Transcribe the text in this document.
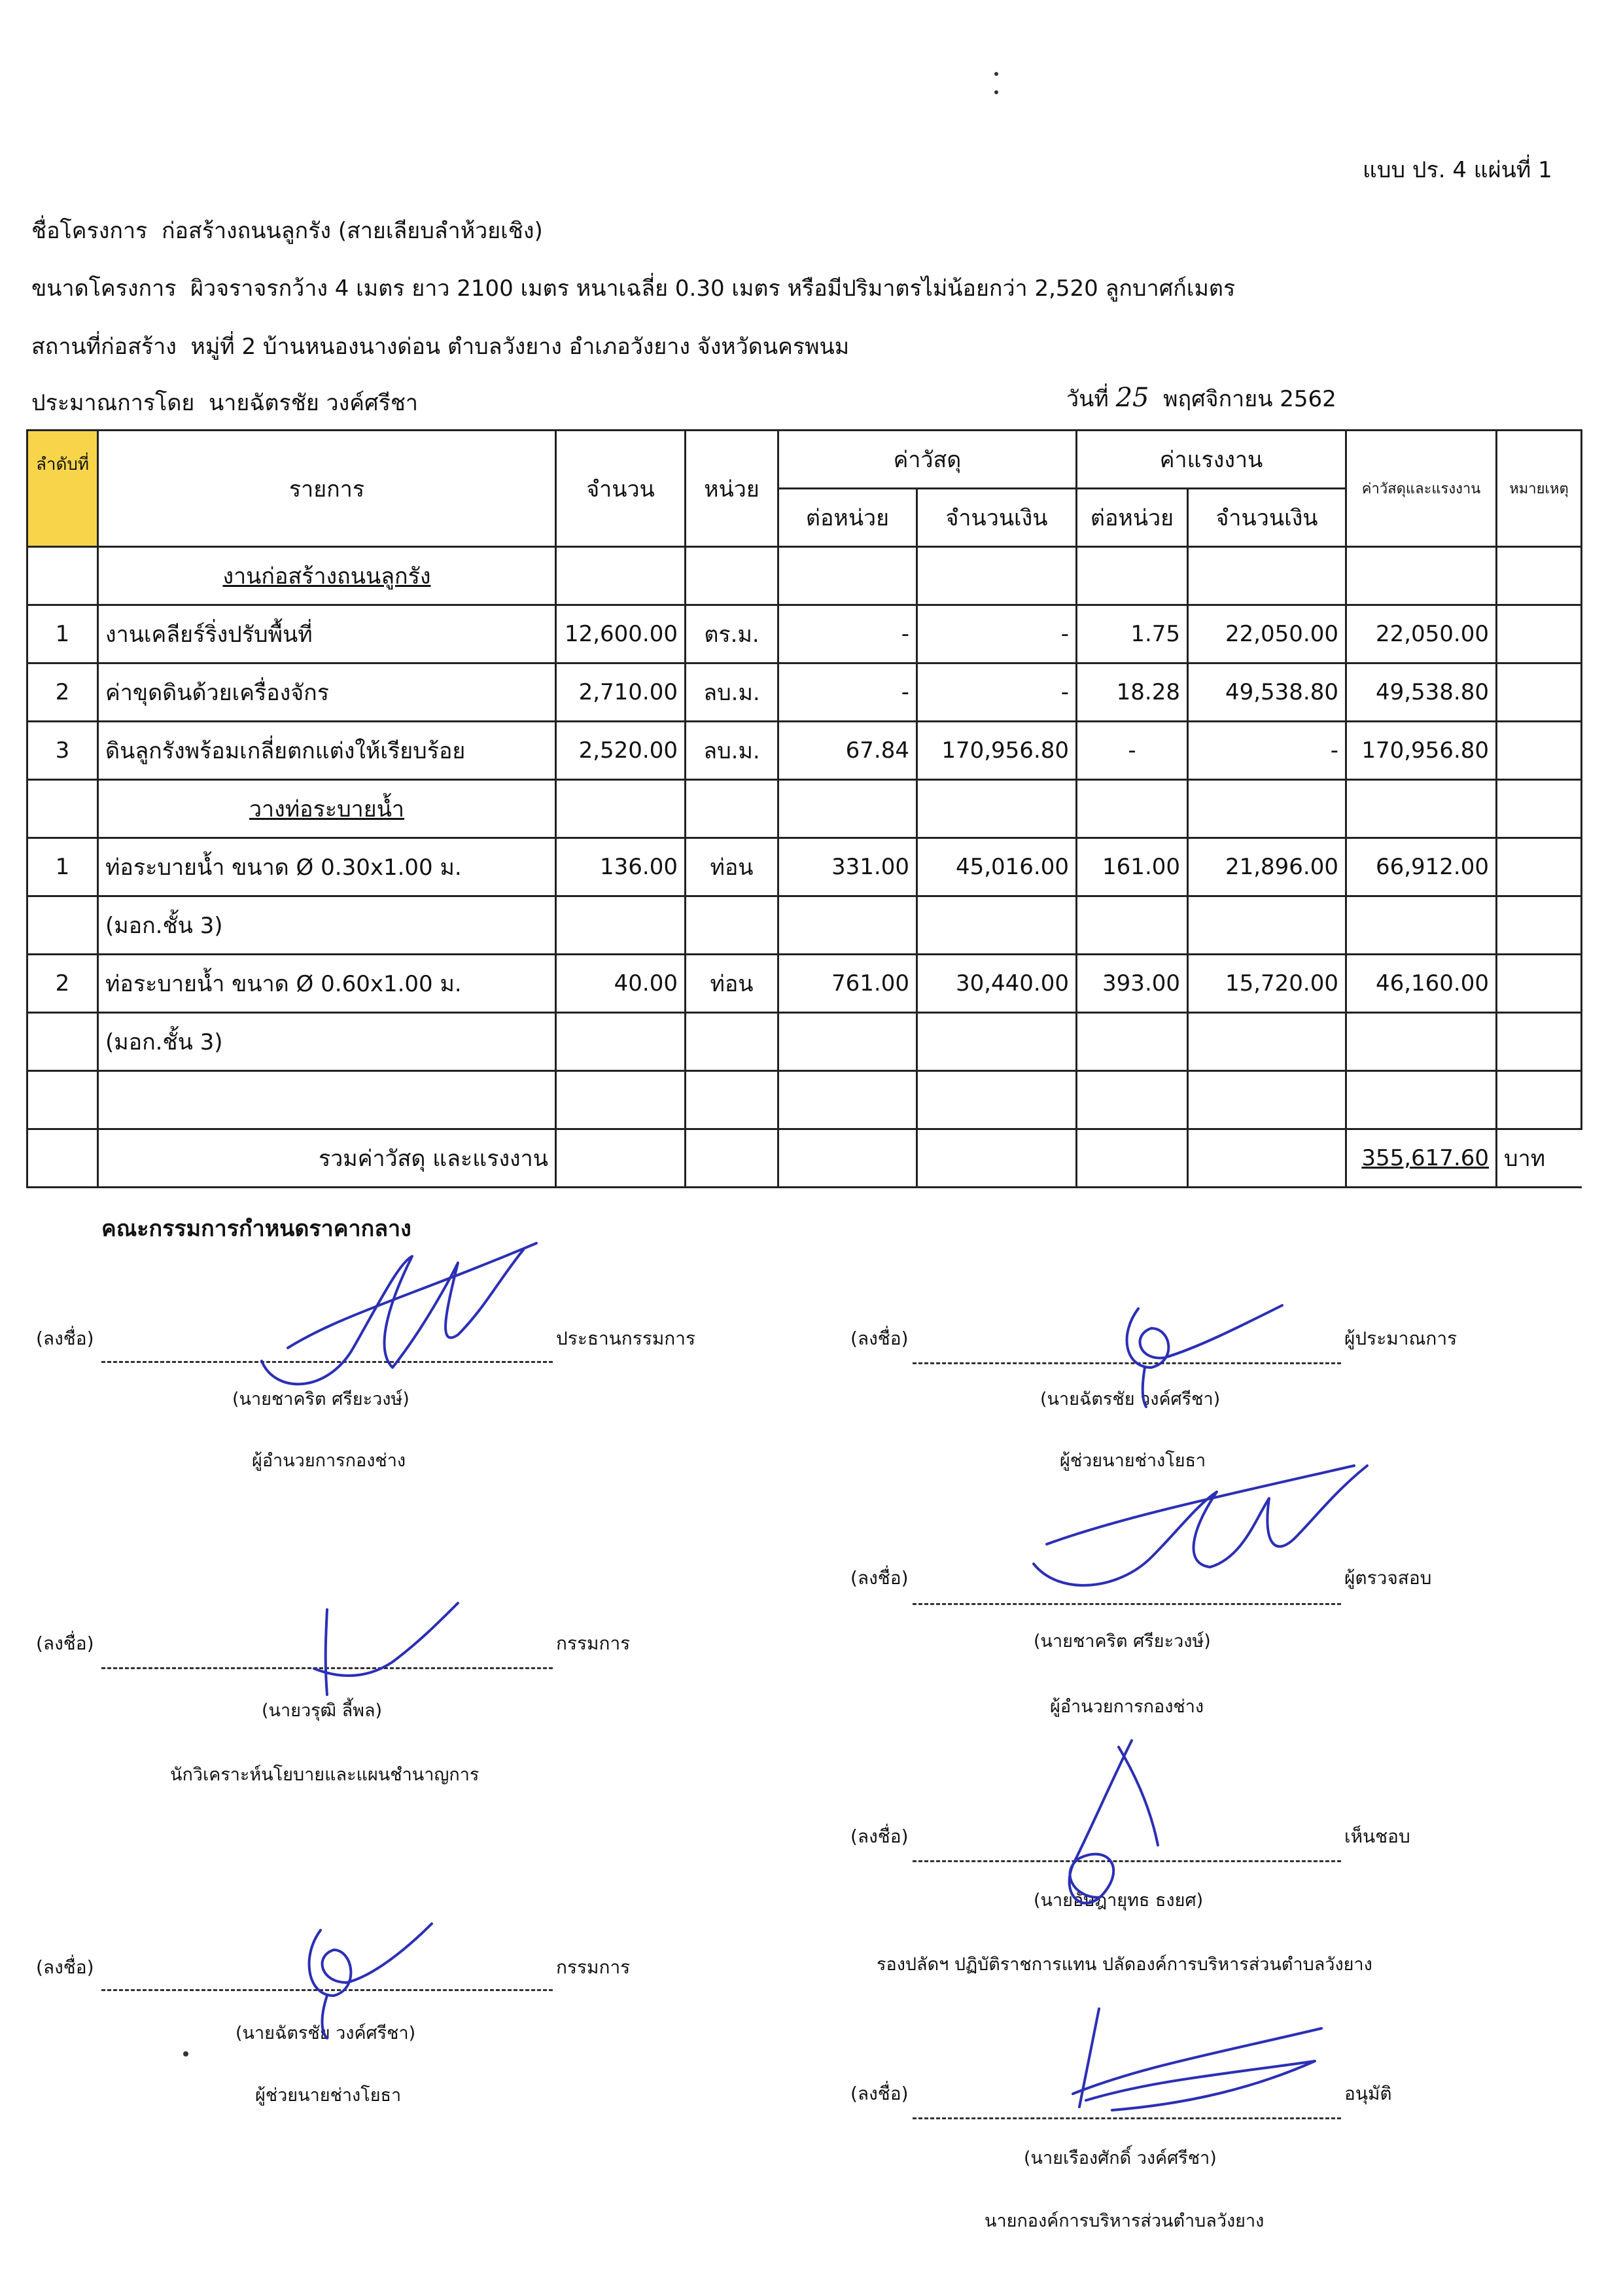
แบบ ปร. 4 แผ่นที่ 1
ชื่อโครงการ ก่อสร้างถนนลูกรัง (สายเลียบลำห้วยเชิง)
ขนาดโครงการ ผิวจราจรกว้าง 4 เมตร ยาว 2100 เมตร หนาเฉลี่ย 0.30 เมตร หรือมีปริมาตรไม่น้อยกว่า 2,520 ลูกบาศก์เมตร
สถานที่ก่อสร้าง หมู่ที่ 2 บ้านหนองนางด่อน ตำบลวังยาง อำเภอวังยาง จังหวัดนครพนม
ประมาณการโดย นายฉัตรชัย วงค์ศรีชา	วันที่ 25 พฤศจิกายน 2562
ลำดับที่	รายการ	จำนวน	หน่วย	ค่าวัสดุ		ค่าแรงงาน		ค่าวัสดุและแรงงาน	หมายเหตุ
				ต่อหน่วย	จำนวนเงิน	ต่อหน่วย	จำนวนเงิน		
	งานก่อสร้างถนนลูกรัง								
1	งานเคลียร์ริ่งปรับพื้นที่	12,600.00	ตร.ม.	-	-	1.75	22,050.00	22,050.00	
2	ค่าขุดดินด้วยเครื่องจักร	2,710.00	ลบ.ม.	-	-	18.28	49,538.80	49,538.80	
3	ดินลูกรังพร้อมเกลี่ยตกแต่งให้เรียบร้อย	2,520.00	ลบ.ม.	67.84	170,956.80	-	-	170,956.80	
	วางท่อระบายน้ำ								
1	ท่อระบายน้ำ ขนาด Ø 0.30x1.00 ม.	136.00	ท่อน	331.00	45,016.00	161.00	21,896.00	66,912.00	
	(มอก.ชั้น 3)								
2	ท่อระบายน้ำ ขนาด Ø 0.60x1.00 ม.	40.00	ท่อน	761.00	30,440.00	393.00	15,720.00	46,160.00	
	(มอก.ชั้น 3)								

	รวมค่าวัสดุ และแรงงาน							355,617.60	บาท
คณะกรรมการกำหนดราคากลาง
(ลงชื่อ)	ประธานกรรมการ
(นายชาคริต ศรียะวงษ์)
ผู้อำนวยการกองช่าง
(ลงชื่อ)	กรรมการ
(นายวรุฒิ ลี้พล)
นักวิเคราะห์นโยบายและแผนชำนาญการ
(ลงชื่อ)	กรรมการ
(นายฉัตรชัย วงค์ศรีชา)
ผู้ช่วยนายช่างโยธา
(ลงชื่อ)	ผู้ประมาณการ
(นายฉัตรชัย วงค์ศรีชา)
ผู้ช่วยนายช่างโยธา
(ลงชื่อ)	ผู้ตรวจสอบ
(นายชาคริต ศรียะวงษ์)
ผู้อำนวยการกองช่าง
(ลงชื่อ)	เห็นชอบ
(นายอัษฎายุทธ ธงยศ)
รองปลัดฯ ปฏิบัติราชการแทน ปลัดองค์การบริหารส่วนตำบลวังยาง
(ลงชื่อ)	อนุมัติ
(นายเรืองศักดิ์ วงค์ศรีชา)
นายกองค์การบริหารส่วนตำบลวังยาง
